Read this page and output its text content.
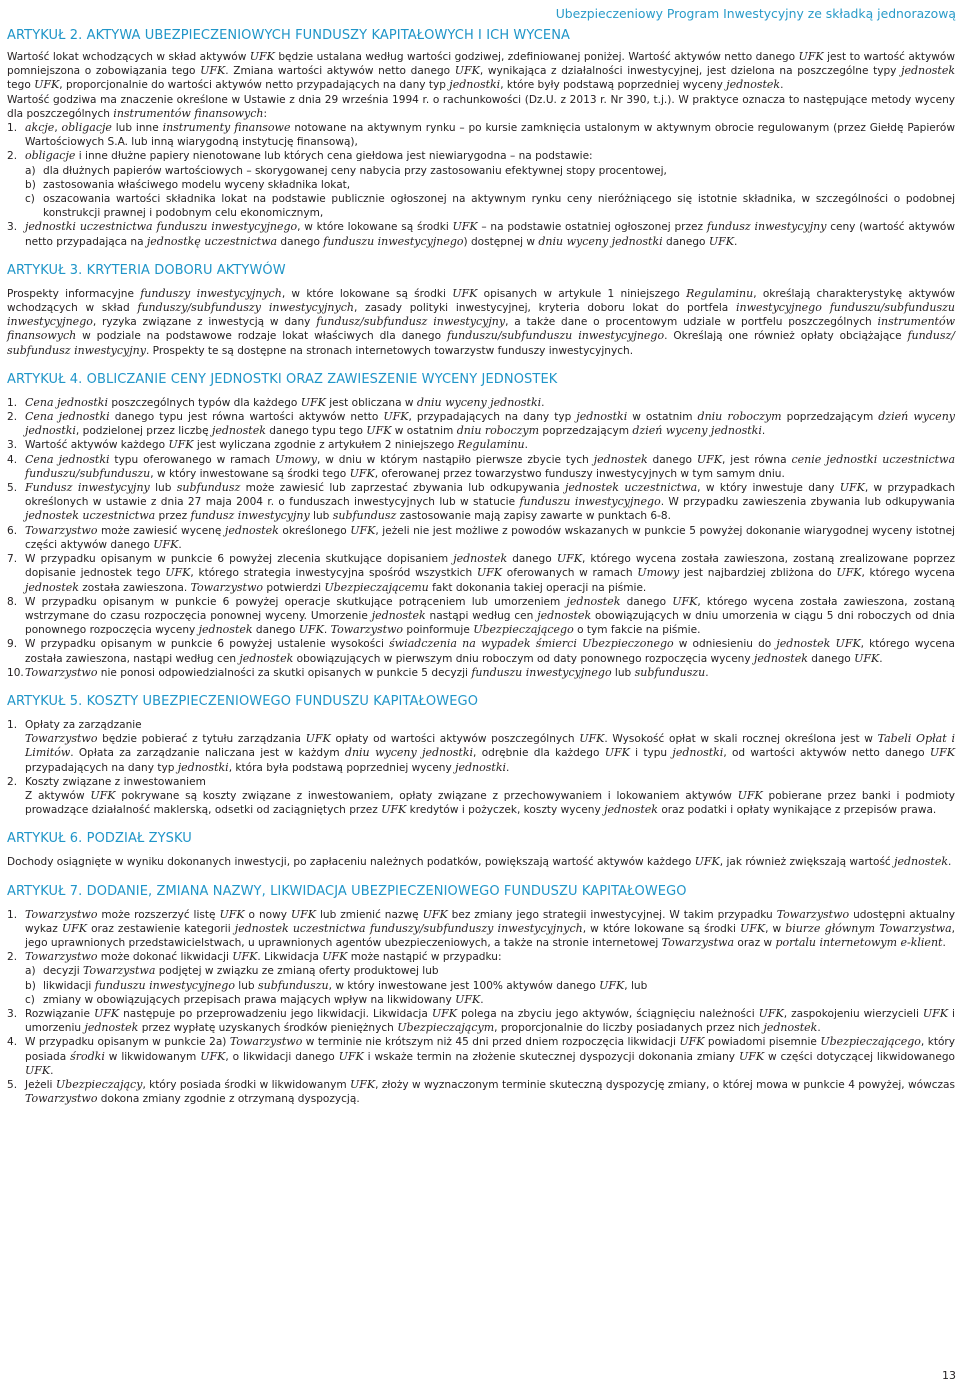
Ubezpieczeniowy Program Inwestycyjny ze składką jednorazową
ARTYKUŁ 2. AKTYWA UBEZPIECZENIOWYCH FUNDUSZY KAPITAŁOWYCH I ICH WYCENA

Wartość lokat wchodzących w skład aktywów UFK będzie ustalana według wartości godziwej, zdefiniowanej poniżej. Wartość aktywów netto danego UFK jest to wartość aktywów pomniejszona o zobowiązania tego UFK. Zmiana wartości aktywów netto danego UFK, wynikająca z działalności inwestycyjnej, jest dzielona na poszczególne typy jednostek tego UFK, proporcjonalnie do wartości aktywów netto przypadających na dany typ jednostki, które były podstawą poprzedniej wyceny jednostek.

Wartość godziwa ma znaczenie określone w Ustawie z dnia 29 września 1994 r. o rachunkowości (Dz.U. z 2013 r. Nr 390, t.j.). W praktyce oznacza to następujące metody wyceny dla poszczególnych instrumentów finansowych:

1. akcje, obligacje lub inne instrumenty finansowe notowane na aktywnym rynku – po kursie zamknięcia ustalonym w aktywnym obrocie regulowanym (przez Giełdę Papierów Wartościowych S.A. lub inną wiarygodną instytucję finansową),
2. obligacje i inne dłużne papiery nienotowane lub których cena giełdowa jest niewiarygodna – na podstawie:
a) dla dłużnych papierów wartościowych – skorygowanej ceny nabycia przy zastosowaniu efektywnej stopy procentowej,
b) zastosowania właściwego modelu wyceny składnika lokat,
c) oszacowania wartości składnika lokat na podstawie publicznie ogłoszonej na aktywnym rynku ceny nieróżniącego się istotnie składnika, w szczególności o podobnej konstrukcji prawnej i podobnym celu ekonomicznym,
3. jednostki uczestnictwa funduszu inwestycyjnego, w które lokowane są środki UFK – na podstawie ostatniej ogłoszonej przez fundusz inwestycyjny ceny (wartość aktywów netto przypadająca na jednostkę uczestnictwa danego funduszu inwestycyjnego) dostępnej w dniu wyceny jednostki danego UFK.
ARTYKUŁ 3. KRYTERIA DOBORU AKTYWÓW

Prospekty informacyjne funduszy inwestycyjnych, w które lokowane są środki UFK opisanych w artykule 1 niniejszego Regulaminu, określają charakterystykę aktywów wchodzących w skład funduszy/subfunduszy inwestycyjnych, zasady polityki inwestycyjnej, kryteria doboru lokat do portfela inwestycyjnego funduszu/subfunduszu inwestycyjnego, ryzyka związane z inwestycją w dany fundusz/subfundusz inwestycyjny, a także dane o procentowym udziale w portfelu poszczególnych instrumentów finansowych w podziale na podstawowe rodzaje lokat właściwych dla danego funduszu/subfunduszu inwestycyjnego. Określają one również opłaty obciążające fundusz/ subfundusz inwestycyjny. Prospekty te są dostępne na stronach internetowych towarzystw funduszy inwestycyjnych.

ARTYKUŁ 4. OBLICZANIE CENY JEDNOSTKI ORAZ ZAWIESZENIE WYCENY JEDNOSTEK
1. Cena jednostki poszczególnych typów dla każdego UFK jest obliczana w dniu wyceny jednostki.
2. Cena jednostki danego typu jest równa wartości aktywów netto UFK, przypadających na dany typ jednostki w ostatnim dniu roboczym poprzedzającym dzień wyceny jednostki, podzielonej przez liczbę jednostek danego typu tego UFK w ostatnim dniu roboczym poprzedzającym dzień wyceny jednostki.
3. Wartość aktywów każdego UFK jest wyliczana zgodnie z artykułem 2 niniejszego Regulaminu.
4. Cena jednostki typu oferowanego w ramach Umowy, w dniu w którym nastąpiło pierwsze zbycie tych jednostek danego UFK, jest równa cenie jednostki uczestnictwa funduszu/subfunduszu, w który inwestowane są środki tego UFK, oferowanej przez towarzystwo funduszy inwestycyjnych w tym samym dniu.
5. Fundusz inwestycyjny lub subfundusz może zawiesić lub zaprzestać zbywania lub odkupywania jednostek uczestnictwa, w który inwestuje dany UFK, w przypadkach określonych w ustawie z dnia 27 maja 2004 r. o funduszach inwestycyjnych lub w statucie funduszu inwestycyjnego. W przypadku zawieszenia zbywania lub odkupywania jednostek uczestnictwa przez fundusz inwestycyjny lub subfundusz zastosowanie mają zapisy zawarte w punktach 6-8.
6. Towarzystwo może zawiesić wycenę jednostek określonego UFK, jeżeli nie jest możliwe z powodów wskazanych w punkcie 5 powyżej dokonanie wiarygodnej wyceny istotnej części aktywów danego UFK.
7. W przypadku opisanym w punkcie 6 powyżej zlecenia skutkujące dopisaniem jednostek danego UFK, którego wycena została zawieszona, zostaną zrealizowane poprzez dopisanie jednostek tego UFK, którego strategia inwestycyjna spośród wszystkich UFK oferowanych w ramach Umowy jest najbardziej zbliżona do UFK, którego wycena jednostek została zawieszona. Towarzystwo potwierdzi Ubezpieczającemu fakt dokonania takiej operacji na piśmie.
8. W przypadku opisanym w punkcie 6 powyżej operacje skutkujące potrąceniem lub umorzeniem jednostek danego UFK, którego wycena została zawieszona, zostaną wstrzymane do czasu rozpoczęcia ponownej wyceny. Umorzenie jednostek nastąpi według cen jednostek obowiązujących w dniu umorzenia w ciągu 5 dni roboczych od dnia ponownego rozpoczęcia wyceny jednostek danego UFK. Towarzystwo poinformuje Ubezpieczającego o tym fakcie na piśmie.
9. W przypadku opisanym w punkcie 6 powyżej ustalenie wysokości świadczenia na wypadek śmierci Ubezpieczonego w odniesieniu do jednostek UFK, którego wycena została zawieszona, nastąpi według cen jednostek obowiązujących w pierwszym dniu roboczym od daty ponownego rozpoczęcia wyceny jednostek danego UFK.
10. Towarzystwo nie ponosi odpowiedzialności za skutki opisanych w punkcie 5 decyzji funduszu inwestycyjnego lub subfunduszu.
ARTYKUŁ 5. KOSZTY UBEZPIECZENIOWEGO FUNDUSZU KAPITAŁOWEGO
1. Opłaty za zarządzanie
Towarzystwo będzie pobierać z tytułu zarządzania UFK opłaty od wartości aktywów poszczególnych UFK. Wysokość opłat w skali rocznej określona jest w Tabeli Opłat i Limitów. Opłata za zarządzanie naliczana jest w każdym dniu wyceny jednostki, odrębnie dla każdego UFK i typu jednostki, od wartości aktywów netto danego UFK przypadających na dany typ jednostki, która była podstawą poprzedniej wyceny jednostki.
2. Koszty związane z inwestowaniem
Z aktywów UFK pokrywane są koszty związane z inwestowaniem, opłaty związane z przechowywaniem i lokowaniem aktywów UFK pobierane przez banki i podmioty prowadzące działalność maklerską, odsetki od zaciągniętych przez UFK kredytów i pożyczek, koszty wyceny jednostek oraz podatki i opłaty wynikające z przepisów prawa.
ARTYKUŁ 6. PODZIAŁ ZYSKU

Dochody osiągnięte w wyniku dokonanych inwestycji, po zapłaceniu należnych podatków, powiększają wartość aktywów każdego UFK, jak również zwiększają wartość jednostek.

ARTYKUŁ 7. DODANIE, ZMIANA NAZWY, LIKWIDACJA UBEZPIECZENIOWEGO FUNDUSZU KAPITAŁOWEGO
1. Towarzystwo może rozszerzyć listę UFK o nowy UFK lub zmienić nazwę UFK bez zmiany jego strategii inwestycyjnej. W takim przypadku Towarzystwo udostępni aktualny wykaz UFK oraz zestawienie kategorii jednostek uczestnictwa funduszy/subfunduszy inwestycyjnych, w które lokowane są środki UFK, w biurze głównym Towarzystwa, jego uprawnionych przedstawicielstwach, u uprawnionych agentów ubezpieczeniowych, a także na stronie internetowej Towarzystwa oraz w portalu internetowym e-klient.
2. Towarzystwo może dokonać likwidacji UFK. Likwidacja UFK może nastąpić w przypadku:
a) decyzji Towarzystwa podjętej w związku ze zmianą oferty produktowej lub
b) likwidacji funduszu inwestycyjnego lub subfunduszu, w który inwestowane jest 100% aktywów danego UFK, lub
c) zmiany w obowiązujących przepisach prawa mających wpływ na likwidowany UFK.
3. Rozwiązanie UFK następuje po przeprowadzeniu jego likwidacji. Likwidacja UFK polega na zbyciu jego aktywów, ściągnięciu należności UFK, zaspokojeniu wierzycieli UFK i umorzeniu jednostek przez wypłatę uzyskanych środków pieniężnych Ubezpieczającym, proporcjonalnie do liczby posiadanych przez nich jednostek.
4. W przypadku opisanym w punkcie 2a) Towarzystwo w terminie nie krótszym niż 45 dni przed dniem rozpoczęcia likwidacji UFK powiadomi pisemnie Ubezpieczającego, który posiada środki w likwidowanym UFK, o likwidacji danego UFK i wskaże termin na złożenie skutecznej dyspozycji dokonania zmiany UFK w części dotyczącej likwidowanego UFK.
5. Jeżeli Ubezpieczający, który posiada środki w likwidowanym UFK, złoży w wyznaczonym terminie skuteczną dyspozycję zmiany, o której mowa w punkcie 4 powyżej, wówczas Towarzystwo dokona zmiany zgodnie z otrzymaną dyspozycją.
13
